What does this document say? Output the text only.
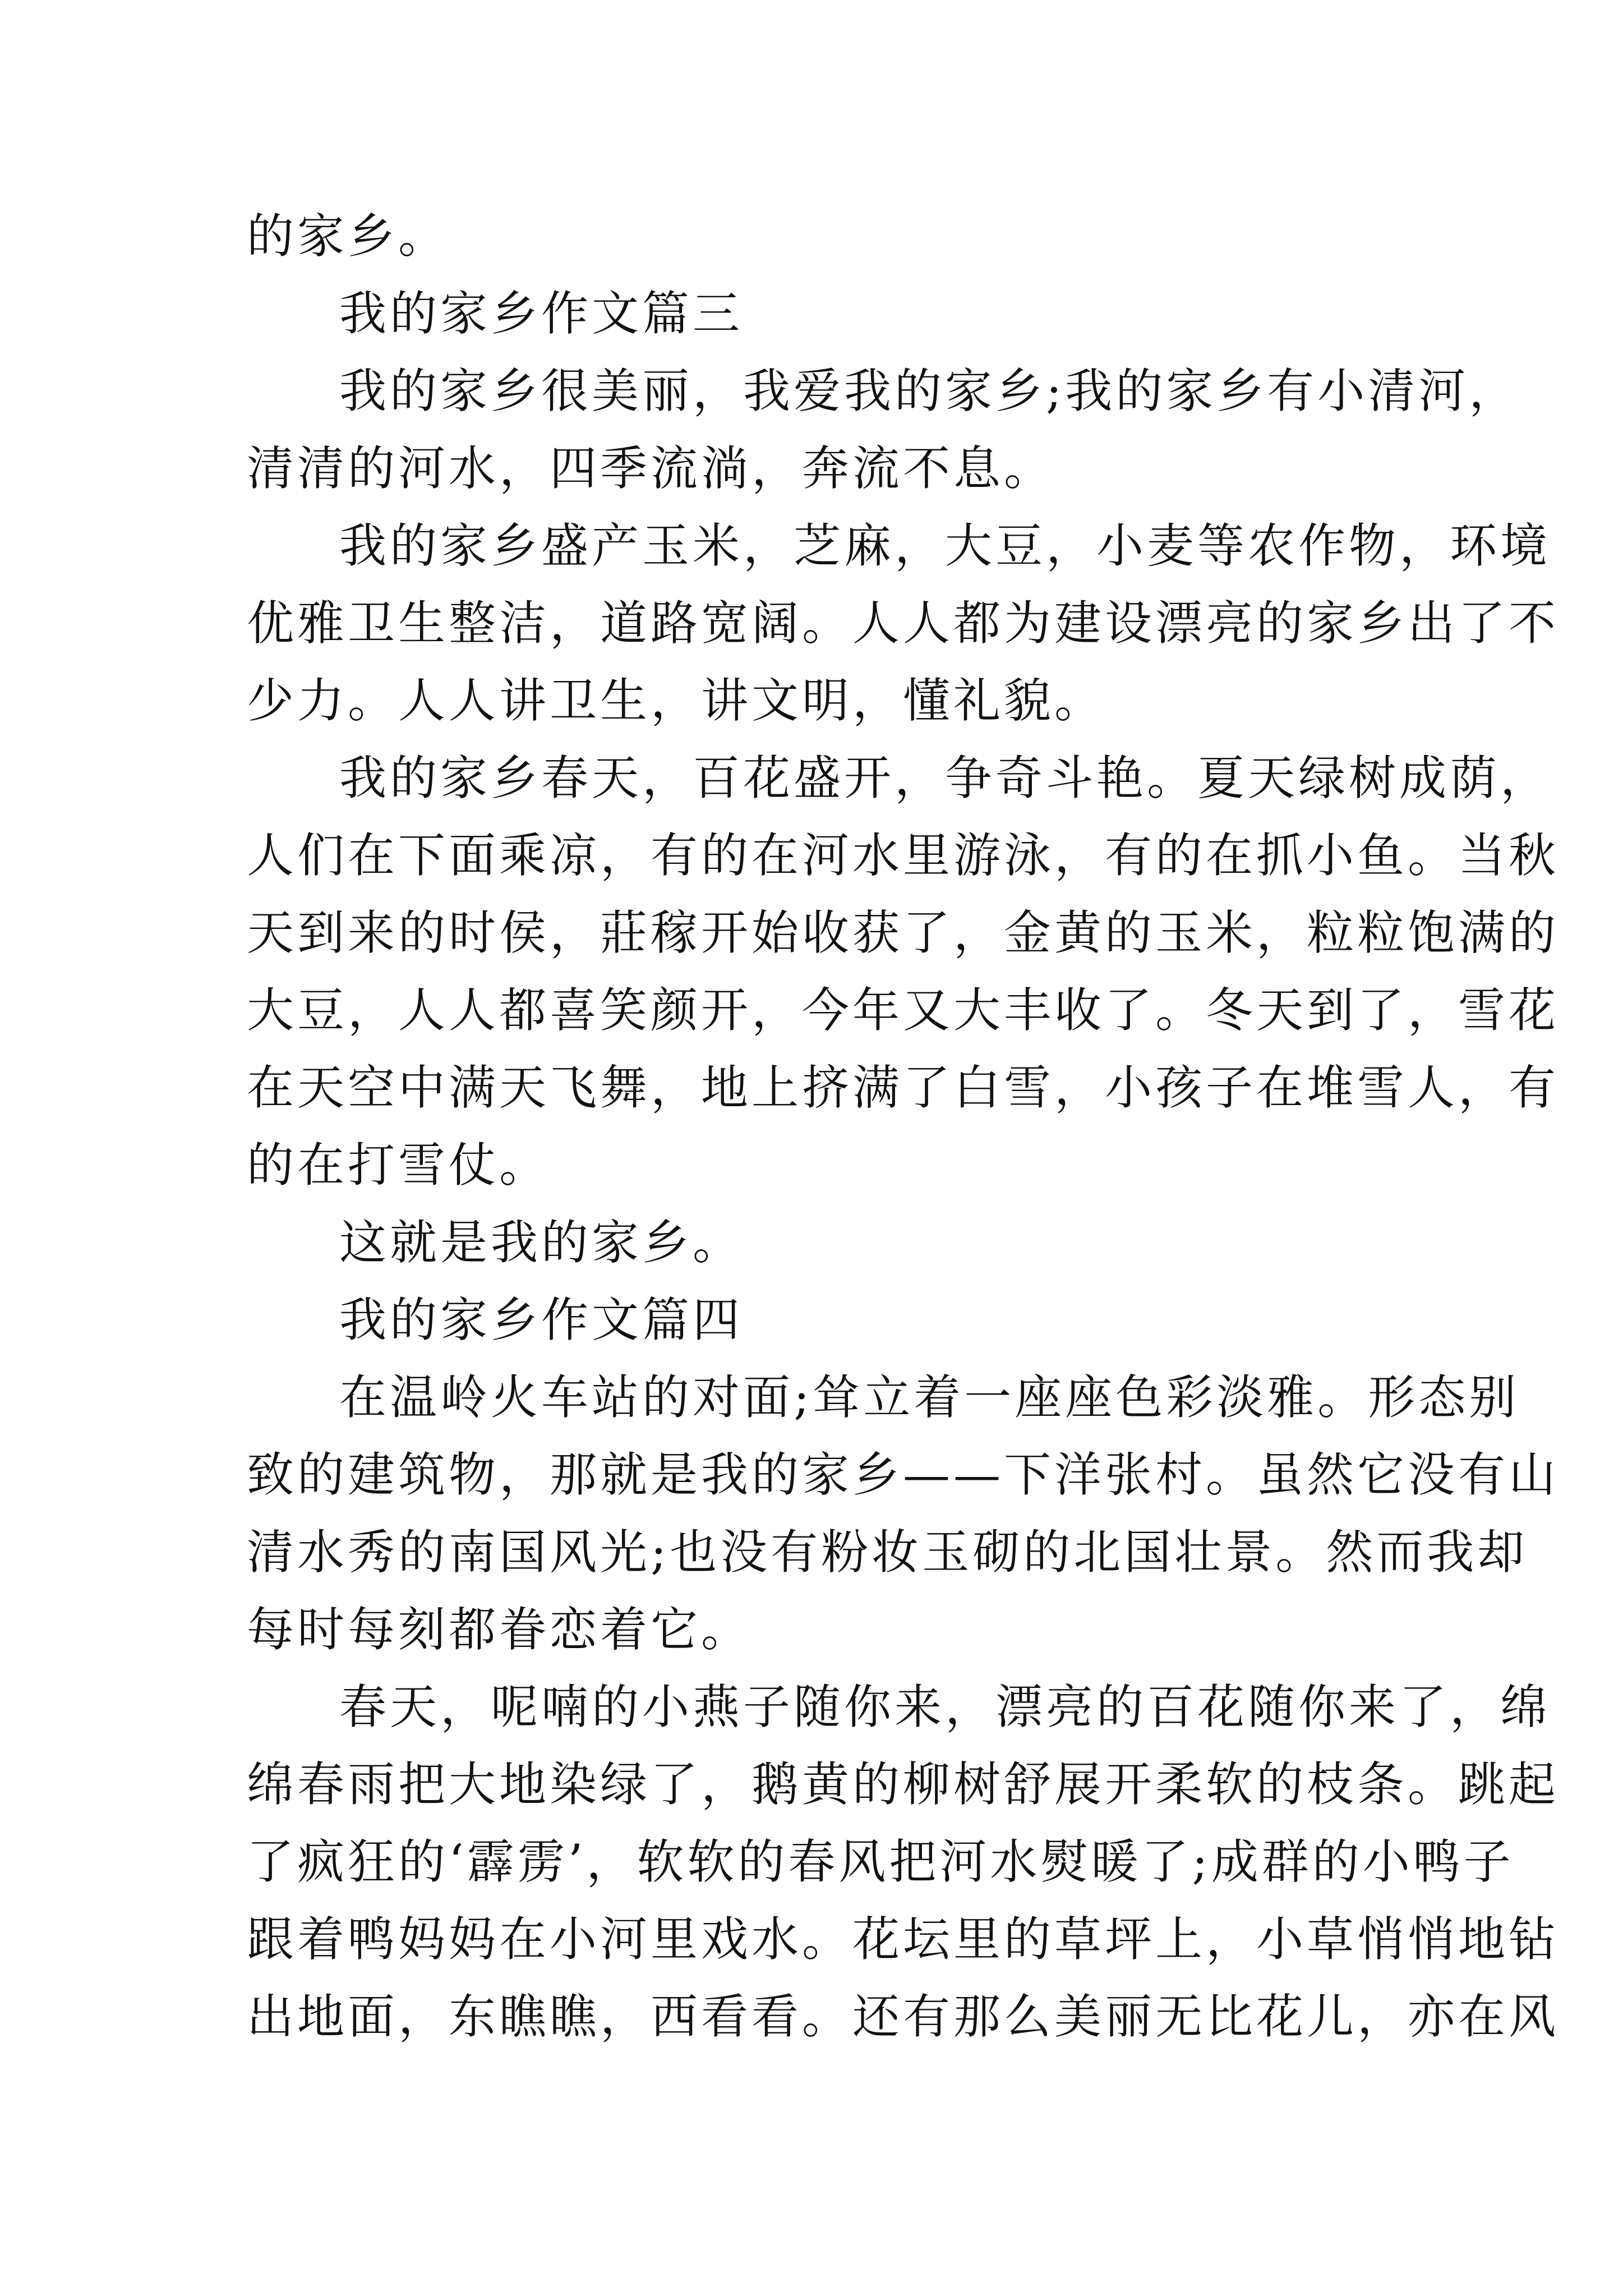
的家乡。
我的家乡作文篇三
我的家乡很美丽，我爱我的家乡;我的家乡有小清河，
清清的河水，四季流淌，奔流不息。
我的家乡盛产玉米，芝麻，大豆，小麦等农作物，环境
优雅卫生整洁，道路宽阔。人人都为建设漂亮的家乡出了不
少力。人人讲卫生，讲文明，懂礼貌。
我的家乡春天，百花盛开，争奇斗艳。夏天绿树成荫，
人们在下面乘凉，有的在河水里游泳，有的在抓小鱼。当秋
天到来的时侯，莊稼开始收获了，金黄的玉米，粒粒饱满的
大豆，人人都喜笑颜开，今年又大丰收了。冬天到了，雪花
在天空中满天飞舞，地上挤满了白雪，小孩子在堆雪人，有
的在打雪仗。
这就是我的家乡。
我的家乡作文篇四
在温岭火车站的对面;耸立着一座座色彩淡雅。形态别
致的建筑物，那就是我的家乡——下洋张村。虽然它没有山
清水秀的南国风光;也没有粉妆玉砌的北国壮景。然而我却
每时每刻都眷恋着它。
春天，呢喃的小燕子随你来，漂亮的百花随你来了，绵
绵春雨把大地染绿了，鹅黄的柳树舒展开柔软的枝条。跳起
了疯狂的‘霹雳’，软软的春风把河水熨暖了;成群的小鸭子
跟着鸭妈妈在小河里戏水。花坛里的草坪上，小草悄悄地钻
出地面，东瞧瞧，西看看。还有那么美丽无比花儿，亦在风
